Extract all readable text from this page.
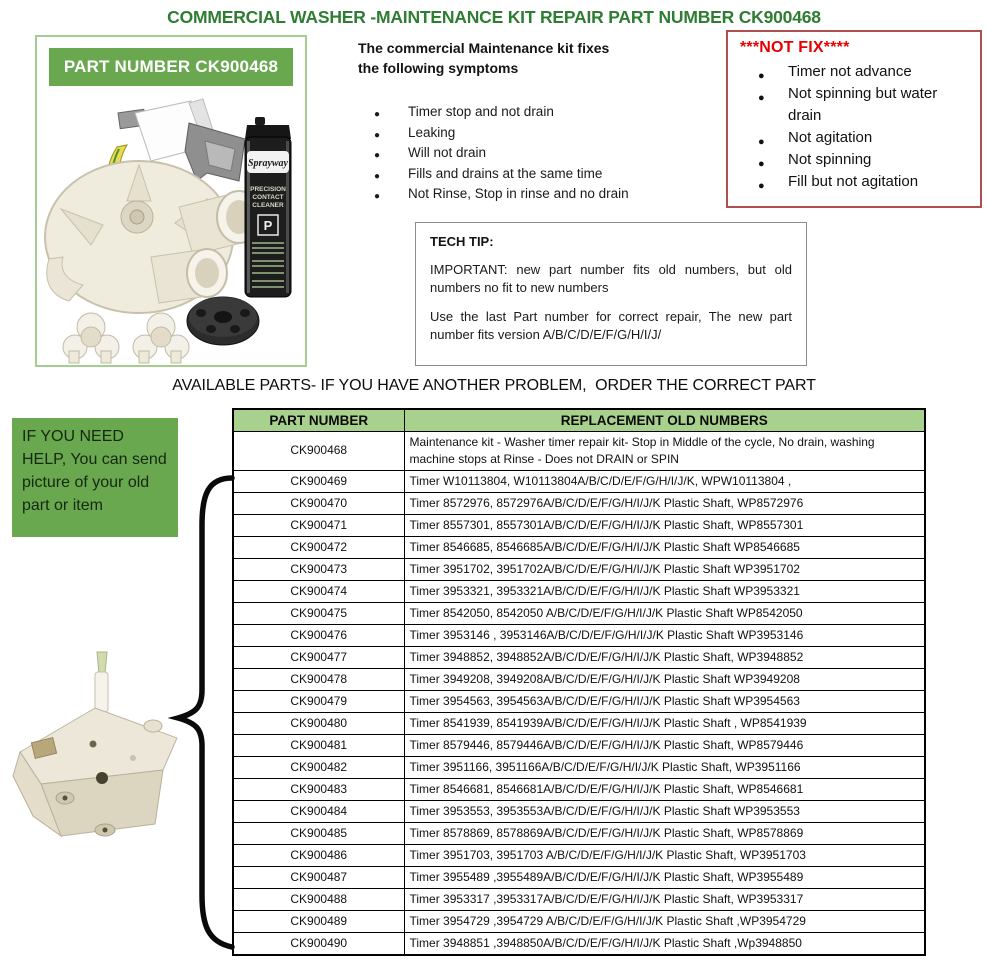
COMMERCIAL WASHER -MAINTENANCE KIT REPAIR PART NUMBER CK900468
PART NUMBER CK900468
Sprayway
PRECISION
CONTACT
CLEANER
P
The commercial Maintenance kit fixes
the following symptoms
● Timer stop and not drain
● Leaking
● Will not drain
● Fills and drains at the same time
● Not Rinse, Stop in rinse and no drain
***NOT FIX****
● Timer not advance
● Not spinning but water drain
● Not agitation
● Not spinning
● Fill but not agitation
TECH TIP:

IMPORTANT: new part number fits old numbers, but old numbers no fit to new numbers

Use the last Part number for correct repair, The new part number fits version A/B/C/D/E/F/G/H/I/J/

AVAILABLE PARTS- IF YOU HAVE ANOTHER PROBLEM,  ORDER THE CORRECT PART
IF YOU NEED HELP, You can send picture of your old part or item
PART NUMBER	REPLACEMENT OLD NUMBERS
CK900468	Maintenance kit - Washer timer repair kit- Stop in Middle of the cycle, No drain, washing machine stops at Rinse - Does not DRAIN or SPIN
CK900469	Timer W10113804, W10113804A/B/C/D/E/F/G/H/I/J/K, WPW10113804 ,
CK900470	Timer 8572976, 8572976A/B/C/D/E/F/G/H/I/J/K Plastic Shaft, WP8572976
CK900471	Timer 8557301, 8557301A/B/C/D/E/F/G/H/I/J/K Plastic Shaft, WP8557301
CK900472	Timer 8546685, 8546685A/B/C/D/E/F/G/H/I/J/K Plastic Shaft WP8546685
CK900473	Timer 3951702, 3951702A/B/C/D/E/F/G/H/I/J/K Plastic Shaft WP3951702
CK900474	Timer 3953321, 3953321A/B/C/D/E/F/G/H/I/J/K Plastic Shaft WP3953321
CK900475	Timer 8542050, 8542050 A/B/C/D/E/F/G/H/I/J/K Plastic Shaft WP8542050
CK900476	Timer 3953146 , 3953146A/B/C/D/E/F/G/H/I/J/K Plastic Shaft WP3953146
CK900477	Timer 3948852, 3948852A/B/C/D/E/F/G/H/I/J/K Plastic Shaft, WP3948852
CK900478	Timer 3949208, 3949208A/B/C/D/E/F/G/H/I/J/K Plastic Shaft WP3949208
CK900479	Timer 3954563, 3954563A/B/C/D/E/F/G/H/I/J/K Plastic Shaft WP3954563
CK900480	Timer 8541939, 8541939A/B/C/D/E/F/G/H/I/J/K Plastic Shaft , WP8541939
CK900481	Timer 8579446, 8579446A/B/C/D/E/F/G/H/I/J/K Plastic Shaft, WP8579446
CK900482	Timer 3951166, 3951166A/B/C/D/E/F/G/H/I/J/K Plastic Shaft, WP3951166
CK900483	Timer 8546681, 8546681A/B/C/D/E/F/G/H/I/J/K Plastic Shaft, WP8546681
CK900484	Timer 3953553, 3953553A/B/C/D/E/F/G/H/I/J/K Plastic Shaft WP3953553
CK900485	Timer 8578869, 8578869A/B/C/D/E/F/G/H/I/J/K Plastic Shaft, WP8578869
CK900486	Timer 3951703, 3951703 A/B/C/D/E/F/G/H/I/J/K Plastic Shaft, WP3951703
CK900487	Timer 3955489 ,3955489A/B/C/D/E/F/G/H/I/J/K Plastic Shaft, WP3955489
CK900488	Timer 3953317 ,3953317A/B/C/D/E/F/G/H/I/J/K Plastic Shaft, WP3953317
CK900489	Timer 3954729 ,3954729 A/B/C/D/E/F/G/H/I/J/K Plastic Shaft ,WP3954729
CK900490	Timer 3948851 ,3948850A/B/C/D/E/F/G/H/I/J/K Plastic Shaft ,Wp3948850
